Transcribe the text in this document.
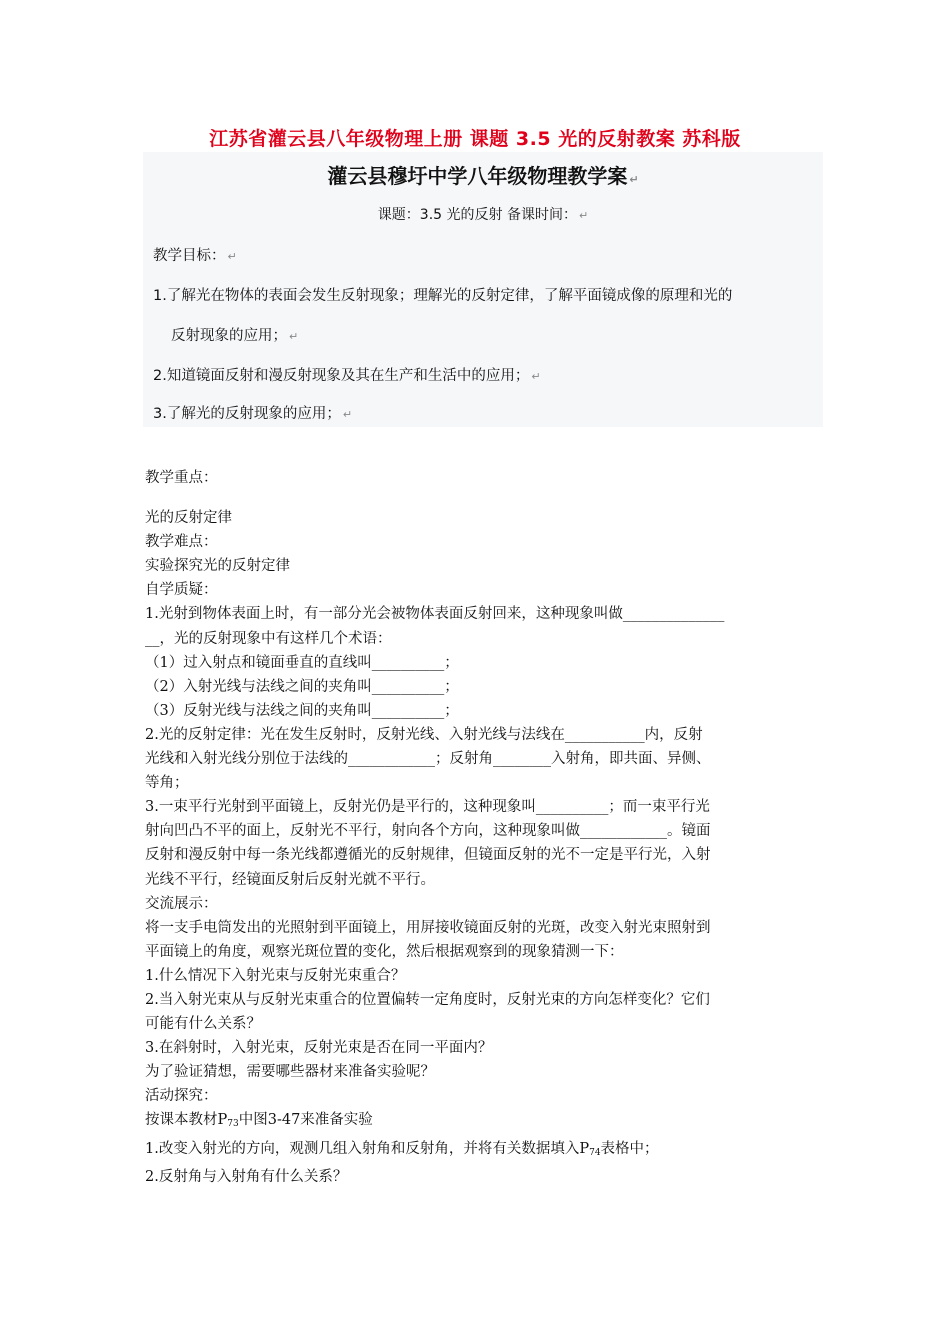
江苏省灌云县八年级物理上册 课题 3.5 光的反射教案 苏科版
灌云县穆圩中学八年级物理教学案 ↵
课题：3.5 光的反射 备课时间： ↵
教学目标： ↵
1.了解光在物体的表面会发生反射现象；理解光的反射定律，了解平面镜成像的原理和光的
反射现象的应用； ↵
2.知道镜面反射和漫反射现象及其在生产和生活中的应用； ↵
3.了解光的反射现象的应用； ↵

教学重点：

光的反射定律

教学难点：

实验探究光的反射定律

自学质疑：

1.光射到物体表面上时，有一部分光会被物体表面反射回来，这种现象叫做______________

__，光的反射现象中有这样几个术语：

（1）过入射点和镜面垂直的直线叫__________；

（2）入射光线与法线之间的夹角叫__________；

（3）反射光线与法线之间的夹角叫__________；

2.光的反射定律：光在发生反射时，反射光线、入射光线与法线在___________内，反射

光线和入射光线分别位于法线的____________；反射角________入射角，即共面、异侧、

等角；

3.一束平行光射到平面镜上，反射光仍是平行的，这种现象叫__________；而一束平行光

射向凹凸不平的面上，反射光不平行，射向各个方向，这种现象叫做____________。镜面

反射和漫反射中每一条光线都遵循光的反射规律，但镜面反射的光不一定是平行光，入射

光线不平行，经镜面反射后反射光就不平行。

交流展示：

将一支手电筒发出的光照射到平面镜上，用屏接收镜面反射的光斑，改变入射光束照射到

平面镜上的角度，观察光斑位置的变化，然后根据观察到的现象猜测一下：

1.什么情况下入射光束与反射光束重合？

2.当入射光束从与反射光束重合的位置偏转一定角度时，反射光束的方向怎样变化？它们

可能有什么关系？

3.在斜射时，入射光束，反射光束是否在同一平面内？

为了验证猜想，需要哪些器材来准备实验呢？

活动探究：

按课本教材$P_{73}$中图3-47来准备实验

1.改变入射光的方向，观测几组入射角和反射角，并将有关数据填入$P_{74}$表格中；

2.反射角与入射角有什么关系？
